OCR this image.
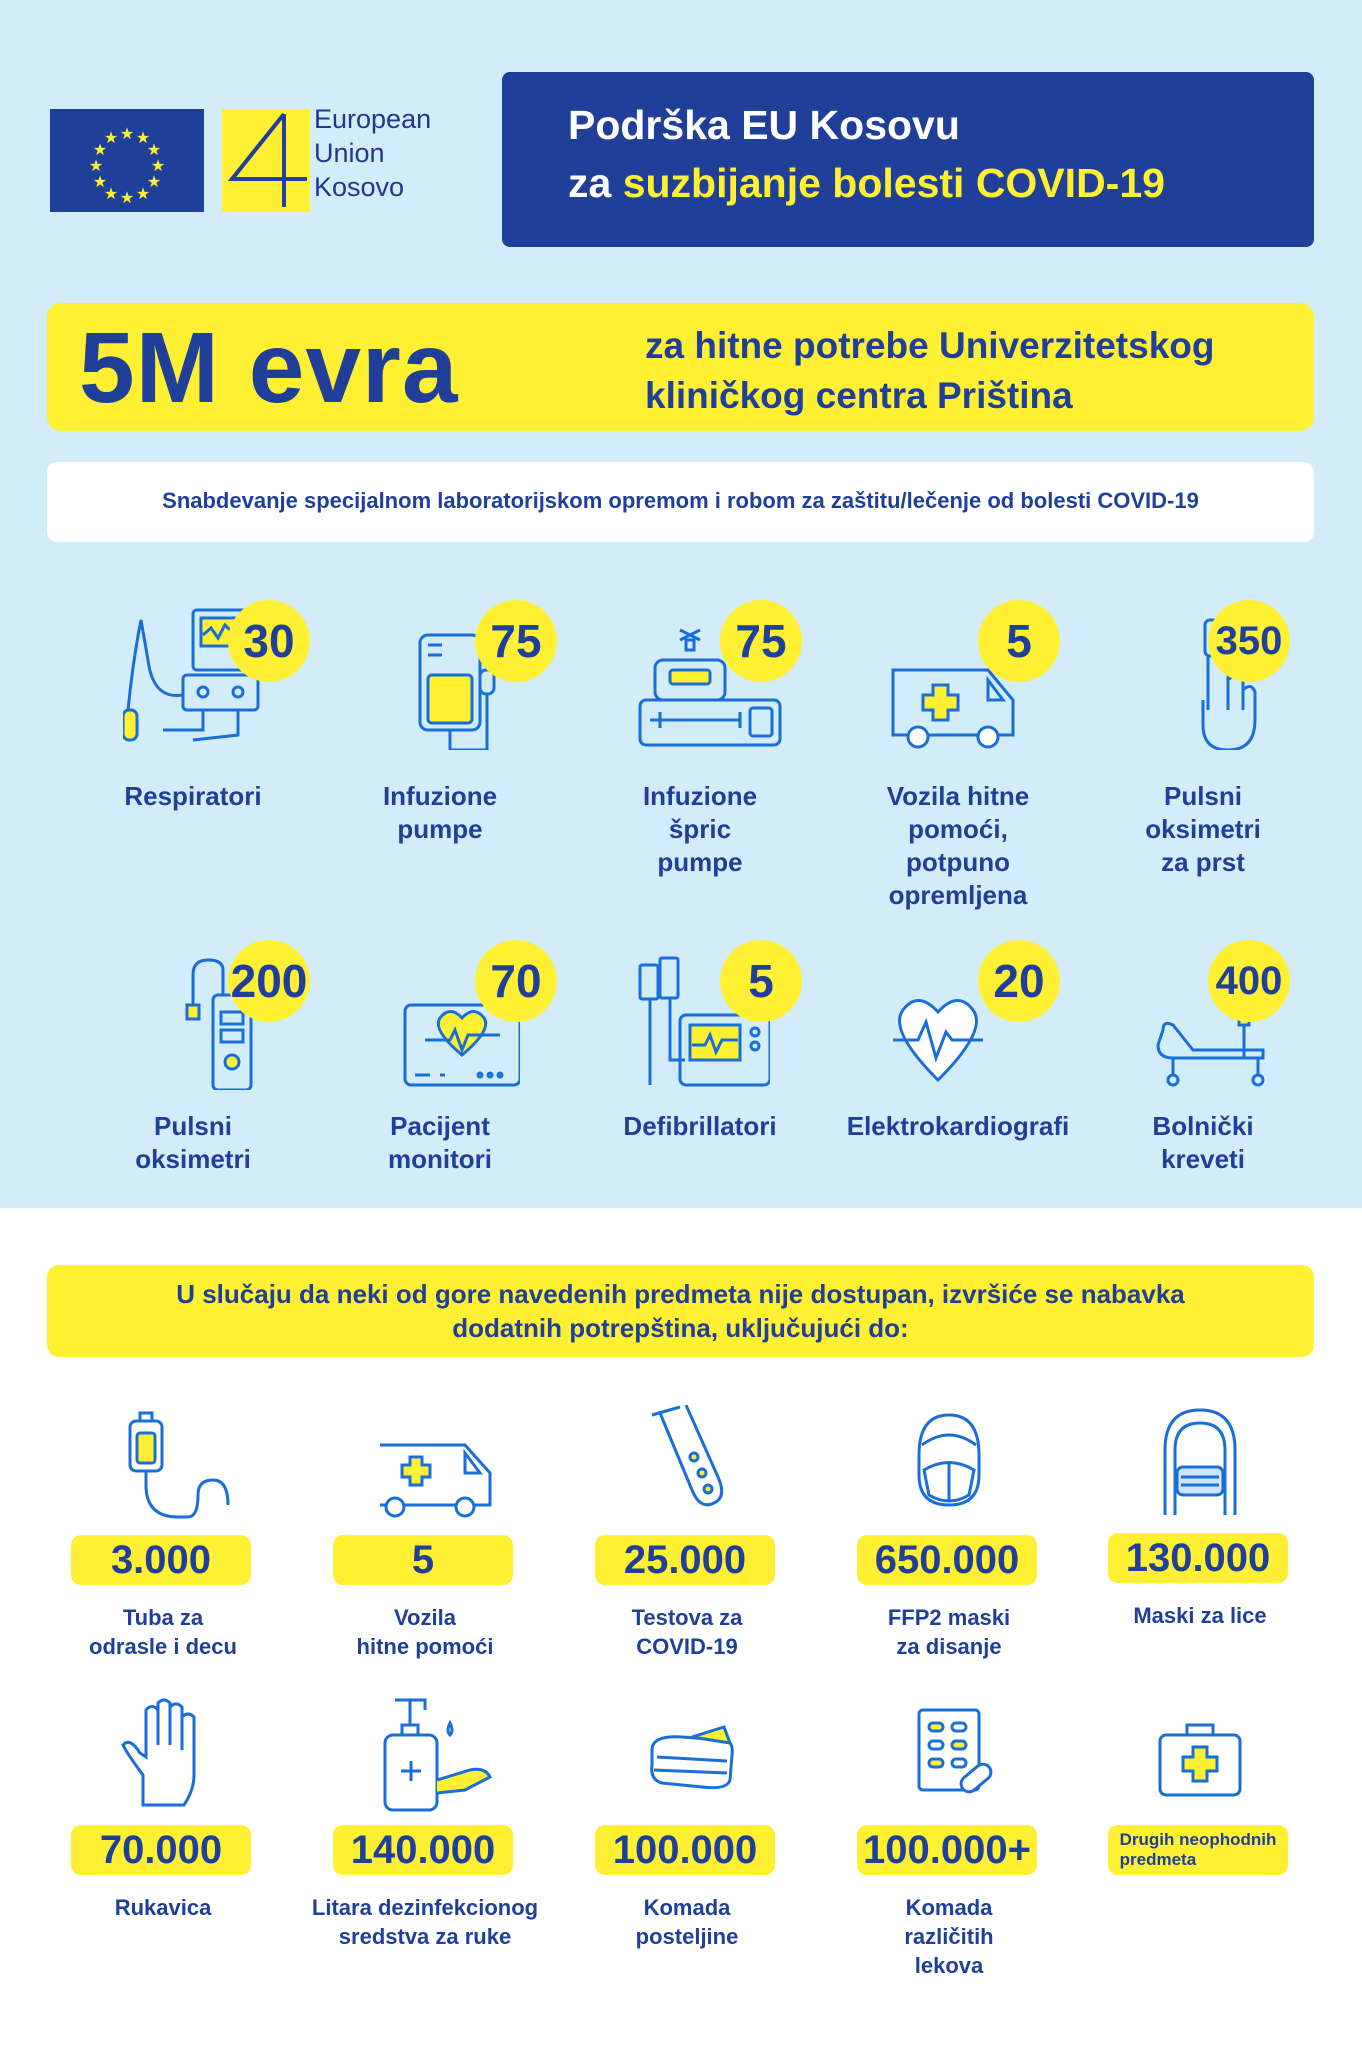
★ ★
★
★
★
★
★
★
★
★
★
★
European
Union
Kosovo
Podrška EU Kosovu
za suzbijanje bolesti COVID-19
5M evra	za hitne potrebe Univerzitetskog
kliničkog centra Priština
Snabdevanje specijalnom laboratorijskom opremom i robom za zaštitu/lečenje od bolesti COVID-19
30
Respiratori
75
Infuzione
pumpe
75
Infuzione
špric
pumpe
5
Vozila hitne
pomoći,
potpuno
opremljena
350
Pulsni
oksimetri
za prst
200
Pulsni
oksimetri
70
Pacijent
monitori
5
Defibrillatori
20
Elektrokardiografi
400
Bolnički
kreveti
U slučaju da neki od gore navedenih predmeta nije dostupan, izvršiće se nabavka dodatnih potrepština, uključujući do:
3.000
Tuba za
odrasle i decu
5
Vozila
hitne pomoći
25.000
Testova za
COVID-19
650.000
FFP2 maski
za disanje
130.000
Maski za lice
70.000
Rukavica
140.000
Litara dezinfekcionog
sredstva za ruke
100.000
Komada
posteljine
100.000+
Komada
različitih
lekova
Drugih neophodnih
predmeta
